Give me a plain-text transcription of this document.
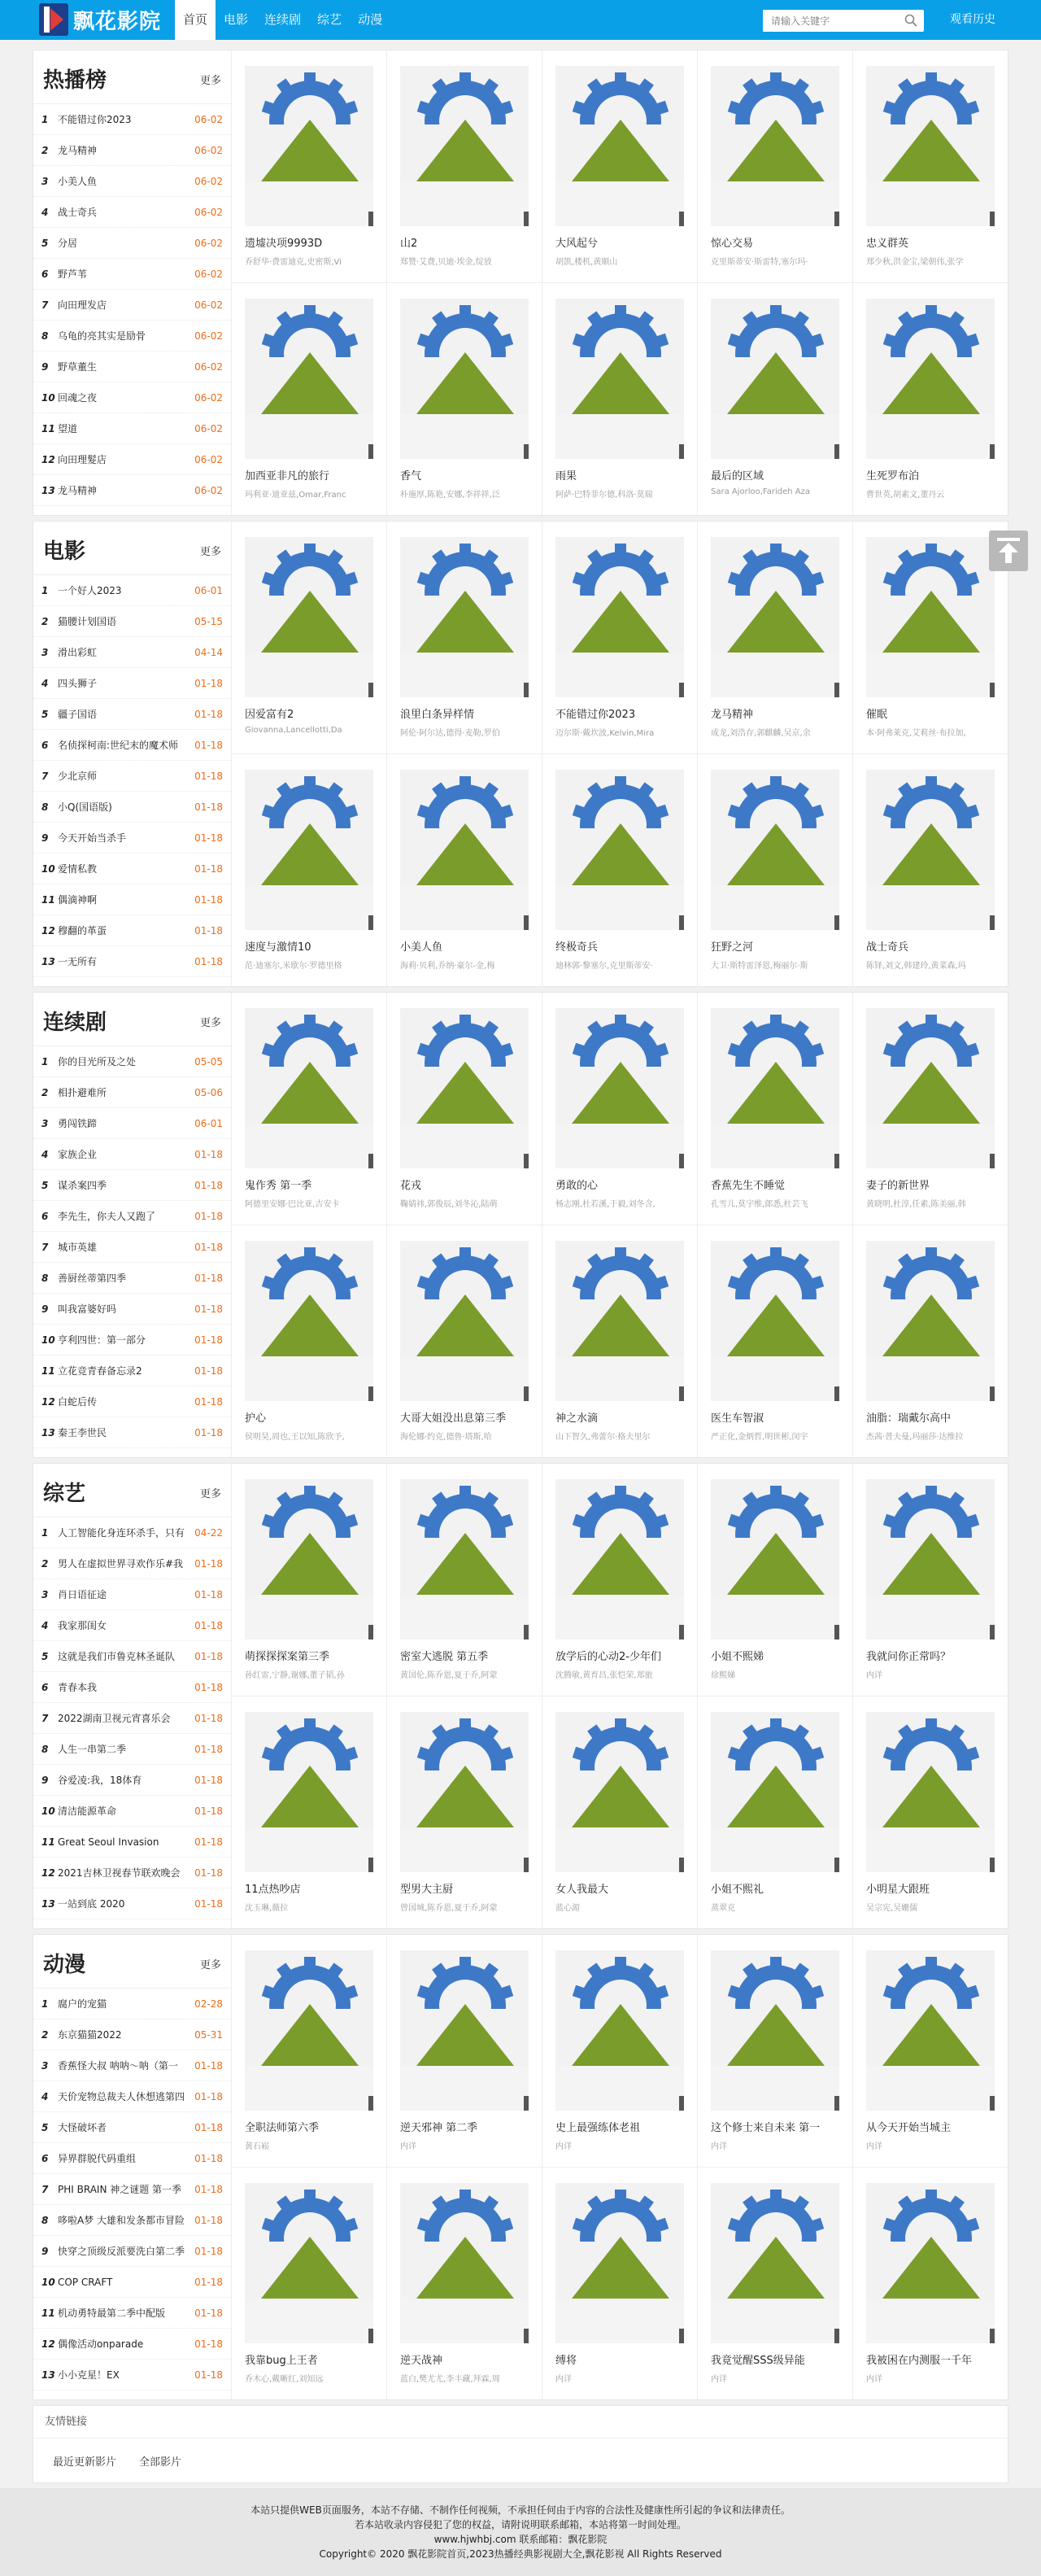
飘花影院	首页	电影	连续剧	综艺	动漫
请输入关键字	观看历史
热播榜	更多
1 不能错过你2023	06-02
2 龙马精神	06-02
3 小美人鱼	06-02
4 战士奇兵	06-02
5 分居	06-02
6 野芦苇	06-02
7 向田理发店	06-02
8 乌龟的亮其实是励骨	06-02
9 野草董生	06-02
10 回魂之夜	06-02
11 望道	06-02
12 向田理髮店	06-02
13 龙马精神	06-02
遗墟决项9993D
乔舒华·费雷迪克,史密斯,Vi
山2
郑赞·艾费,贝迪·埃金,绽放
大风起兮
胡凯,楼机,黄顺山
惊心交易
克里斯蒂安·斯雷特,塞尔玛·
忠义群英
郑少秋,洪金宝,梁朝伟,张学
加西亚非凡的旅行
玛利亚·迪亚兹,Omar,Franc
香气
朴施厚,陈艳,安娜,李祥祥,泛
雨果
阿萨·巴特菲尔德,科洛·莫瑞
最后的区域
Sara Ajorloo,Farideh Aza
生死罗布泊
曹世英,胡素文,董丹云
电影	更多
1 一个好人2023	06-01
2 猫腰计划国语	05-15
3 滑出彩虹	04-14
4 四头狮子	01-18
5 疆子国语	01-18
6 名侦探柯南:世纪末的魔术师	01-18
7 少北京师	01-18
8 小Q(国语版)	01-18
9 今天开始当杀手	01-18
10 爱情私教	01-18
11 偶滴神啊	01-18
12 穆翻的革蛋	01-18
13 一无所有	01-18
因爱富有2
Giovanna,Lancellotti,Da
浪里白条异样情
阿伦·阿尔达,德得·麦勒,罗伯
不能错过你2023
迈尔斯·戴坎波,Kelvin,Mira
龙马精神
成龙,刘浩存,郭麒麟,吴京,余
催眠
本·阿弗莱克,艾莉丝·布拉加,
速度与激情10
范·迪塞尔,米歇尔·罗德里格
小美人鱼
海莉·贝利,乔纳·豪尔-金,梅
终极奇兵
迪林郭·黎塞尔,克里斯蒂安·
狂野之河
大卫·斯特雷泽恩,梅丽尔·斯
战士奇兵
陈铎,刘文,韩建玲,黄菜森,玛
连续剧	更多
1 你的目光所及之处	05-05
2 相扑避难所	05-06
3 勇闯铁蹄	06-01
4 家族企业	01-18
5 谋杀案四季	01-18
6 李先生，你夫人又跑了	01-18
7 城市英雄	01-18
8 善厨丝蒂第四季	01-18
9 叫我富婆好吗	01-18
10 亨利四世：第一部分	01-18
11 立花竞青春备忘录2	01-18
12 白蛇后传	01-18
13 秦王李世民	01-18
鬼作秀 第一季
阿德里安娜·巴比亚,吉安卡
花戎
鞠婧祎,郭俊辰,刘冬沁,陆萌
勇敢的心
杨志刚,杜若溪,于毅,刘冬含,
香蕉先生不睡觉
孔雪儿,莫宇维,郎悉,杜芸飞
妻子的新世界
黄晓明,杜淳,任素,陈美丽,韩
护心
侯明昊,周也,王以知,陈欣予,
大哥大姐没出息第三季
海伦娜·约克,德鲁·塔斯,哈
神之水滴
山下智久,弗蕾尔·格夫里尔
医生车智淑
严正化,金炳哲,明世彬,闵宇
油脂：瑞戴尔高中
杰茜·普夫曼,玛丽莎·达维拉
综艺	更多
1 人工智能化身连环杀手，只有	04-22
2 男人在虚拟世界寻欢作乐#我	01-18
3 肖日语征途	01-18
4 我家那闺女	01-18
5 这就是我们市鲁克林圣诞队	01-18
6 青春本我	01-18
7 2022湖南卫视元宵喜乐会	01-18
8 人生一串第二季	01-18
9 谷爱凌:我，18体育	01-18
10 清洁能源革命	01-18
11 Great Seoul Invasion	01-18
12 2021吉林卫视春节联欢晚会	01-18
13 一站到底 2020	01-18
萌探探探案第三季
孙红雷,宁静,谢娜,董子韬,孙
密室大逃脱 第五季
黄国伦,陈乔恩,夏于乔,阿蒙
放学后的心动2-少年们
沈腾敏,黄育昌,张恺荣,郑旅
小姐不熙娣
徐熙娣
我就问你正常吗？
内详
11点热吵店
沈玉琳,薇拉
型男大主厨
曾国城,陈乔恩,夏于乔,阿蒙
女人我最大
蓝心湄
小姐不熙礼
蒸翠克
小明星大跟班
吴宗宪,吴姗儒
动漫	更多
1 腐户的宠猫	02-28
2 东京猫猫2022	05-31
3 香蕉怪大叔 呐呐～呐（第一	01-18
4 天价宠物总裁夫人休想逃第四	01-18
5 大怪破坏者	01-18
6 异界群脱代码重组	01-18
7 PHI BRAIN 神之谜题 第一季	01-18
8 哆啦A梦 大雄和发条都市冒险	01-18
9 快穿之顶级反派要洗白第二季	01-18
10 COP CRAFT	01-18
11 机动勇特最第二季中配版	01-18
12 偶像活动onparade	01-18
13 小小克星！EX	01-18
全职法师第六季
黄石崧
逆天邪神 第二季
内详
史上最强练体老祖
内详
这个修士来自未来 第一
内详
从今天开始当城主
内详
我靠bug上王者
乔木心,戴晰红,刘知远
逆天战神
蓝白,樊尤尤,李丰藏,拜霖,周
缚将
内详
我竟觉醒SSS级异能
内详
我被困在内测服一千年
内详
友情链接
最近更新影片 全部影片
本站只提供WEB页面服务，本站不存储、不制作任何视频，不承担任何由于内容的合法性及健康性所引起的争议和法律责任。
若本站收录内容侵犯了您的权益，请附说明联系邮箱，本站将第一时间处理。
www.hjwhbj.com 联系邮箱：飘花影院
Copyright© 2020 飘花影院首页,2023热播经典影视剧大全,飘花影视 All Rights Reserved
